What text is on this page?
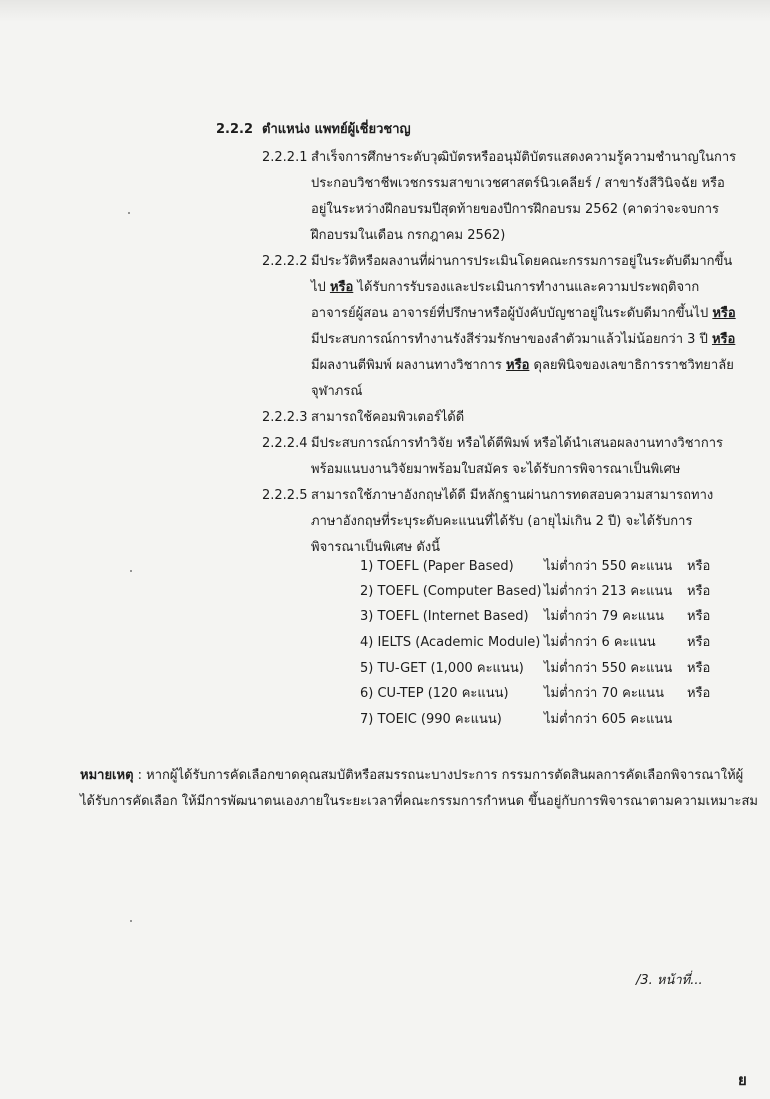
2.2.2 ตำแหน่ง แพทย์ผู้เชี่ยวชาญ
2.2.2.1 สำเร็จการศึกษาระดับวุฒิบัตรหรืออนุมัติบัตรแสดงความรู้ความชำนาญในการ
ประกอบวิชาชีพเวชกรรมสาขาเวชศาสตร์นิวเคลียร์ / สาขารังสีวินิจฉัย หรือ
อยู่ในระหว่างฝึกอบรมปีสุดท้ายของปีการฝึกอบรม 2562 (คาดว่าจะจบการ
ฝึกอบรมในเดือน กรกฎาคม 2562)
2.2.2.2 มีประวัติหรือผลงานที่ผ่านการประเมินโดยคณะกรรมการอยู่ในระดับดีมากขึ้น
ไป หรือ ได้รับการรับรองและประเมินการทำงานและความประพฤติจาก
อาจารย์ผู้สอน อาจารย์ที่ปรึกษาหรือผู้บังคับบัญชาอยู่ในระดับดีมากขึ้นไป หรือ
มีประสบการณ์การทำงานรังสีร่วมรักษาของลำตัวมาแล้วไม่น้อยกว่า 3 ปี หรือ
มีผลงานตีพิมพ์ ผลงานทางวิชาการ หรือ ดุลยพินิจของเลขาธิการราชวิทยาลัย
จุฬาภรณ์
2.2.2.3 สามารถใช้คอมพิวเตอร์ได้ดี
2.2.2.4 มีประสบการณ์การทำวิจัย หรือได้ตีพิมพ์ หรือได้นำเสนอผลงานทางวิชาการ
พร้อมแนบงานวิจัยมาพร้อมใบสมัคร จะได้รับการพิจารณาเป็นพิเศษ
2.2.2.5 สามารถใช้ภาษาอังกฤษได้ดี มีหลักฐานผ่านการทดสอบความสามารถทาง
ภาษาอังกฤษที่ระบุระดับคะแนนที่ได้รับ (อายุไม่เกิน 2 ปี) จะได้รับการ
พิจารณาเป็นพิเศษ ดังนี้
1) TOEFL (Paper Based) ไม่ต่ำกว่า 550 คะแนน หรือ
2) TOEFL (Computer Based) ไม่ต่ำกว่า 213 คะแนน หรือ
3) TOEFL (Internet Based) ไม่ต่ำกว่า 79 คะแนน หรือ
4) IELTS (Academic Module) ไม่ต่ำกว่า 6 คะแนน หรือ
5) TU-GET (1,000 คะแนน) ไม่ต่ำกว่า 550 คะแนน หรือ
6) CU-TEP (120 คะแนน)	ไม่ต่ำกว่า 70 คะแนน หรือ
7) TOEIC (990 คะแนน)	ไม่ต่ำกว่า 605 คะแนน
หมายเหตุ : หากผู้ได้รับการคัดเลือกขาดคุณสมบัติหรือสมรรถนะบางประการ กรรมการตัดสินผลการคัดเลือกพิจารณาให้ผู้
ได้รับการคัดเลือก ให้มีการพัฒนาตนเองภายในระยะเวลาที่คณะกรรมการกำหนด ขึ้นอยู่กับการพิจารณาตามความเหมาะสม
/3. หน้าที่...
ย
